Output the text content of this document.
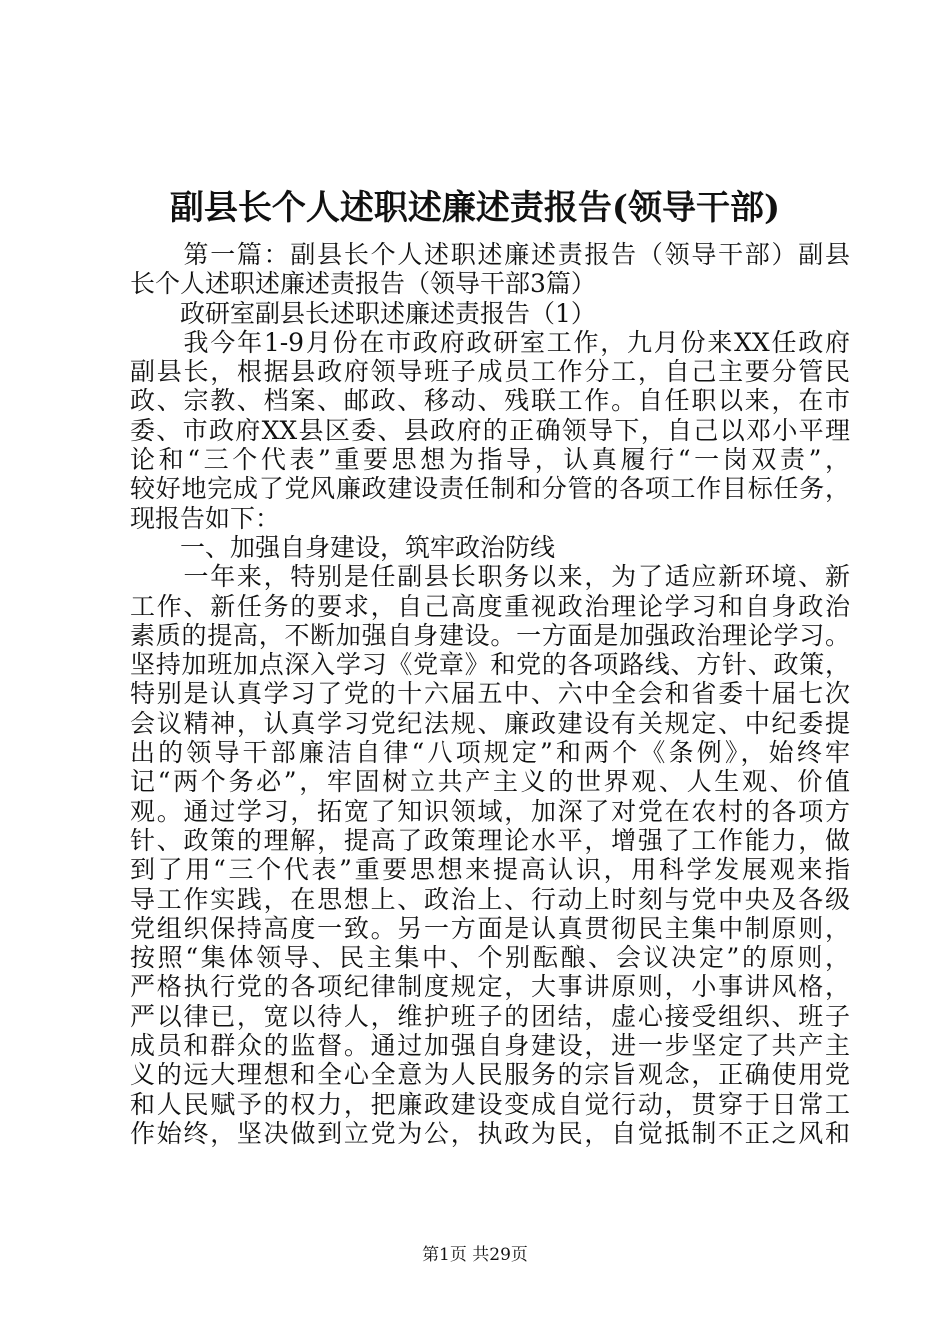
副县长个人述职述廉述责报告(领导干部)
　　第一篇：副县长个人述职述廉述责报告（领导干部）副县
长个人述职述廉述责报告（领导干部3篇）
　　政研室副县长述职述廉述责报告（1）
　　我今年1-9月份在市政府政研室工作，九月份来XX任政府
副县长，根据县政府领导班子成员工作分工，自己主要分管民
政、宗教、档案、邮政、移动、残联工作。自任职以来，在市
委、市政府XX县区委、县政府的正确领导下，自己以邓小平理
论和“三个代表”重要思想为指导，认真履行“一岗双责”，
较好地完成了党风廉政建设责任制和分管的各项工作目标任务，
现报告如下：
　　一、加强自身建设，筑牢政治防线
　　一年来，特别是任副县长职务以来，为了适应新环境、新
工作、新任务的要求，自己高度重视政治理论学习和自身政治
素质的提高，不断加强自身建设。一方面是加强政治理论学习。
坚持加班加点深入学习《党章》和党的各项路线、方针、政策，
特别是认真学习了党的十六届五中、六中全会和省委十届七次
会议精神，认真学习党纪法规、廉政建设有关规定、中纪委提
出的领导干部廉洁自律“八项规定”和两个《条例》，始终牢
记“两个务必”，牢固树立共产主义的世界观、人生观、价值
观。通过学习，拓宽了知识领域，加深了对党在农村的各项方
针、政策的理解，提高了政策理论水平，增强了工作能力，做
到了用“三个代表”重要思想来提高认识，用科学发展观来指
导工作实践，在思想上、政治上、行动上时刻与党中央及各级
党组织保持高度一致。另一方面是认真贯彻民主集中制原则，
按照“集体领导、民主集中、个别酝酿、会议决定”的原则，
严格执行党的各项纪律制度规定，大事讲原则，小事讲风格，
严以律已，宽以待人，维护班子的团结，虚心接受组织、班子
成员和群众的监督。通过加强自身建设，进一步坚定了共产主
义的远大理想和全心全意为人民服务的宗旨观念，正确使用党
和人民赋予的权力，把廉政建设变成自觉行动，贯穿于日常工
作始终，坚决做到立党为公，执政为民，自觉抵制不正之风和
第1页 共29页
